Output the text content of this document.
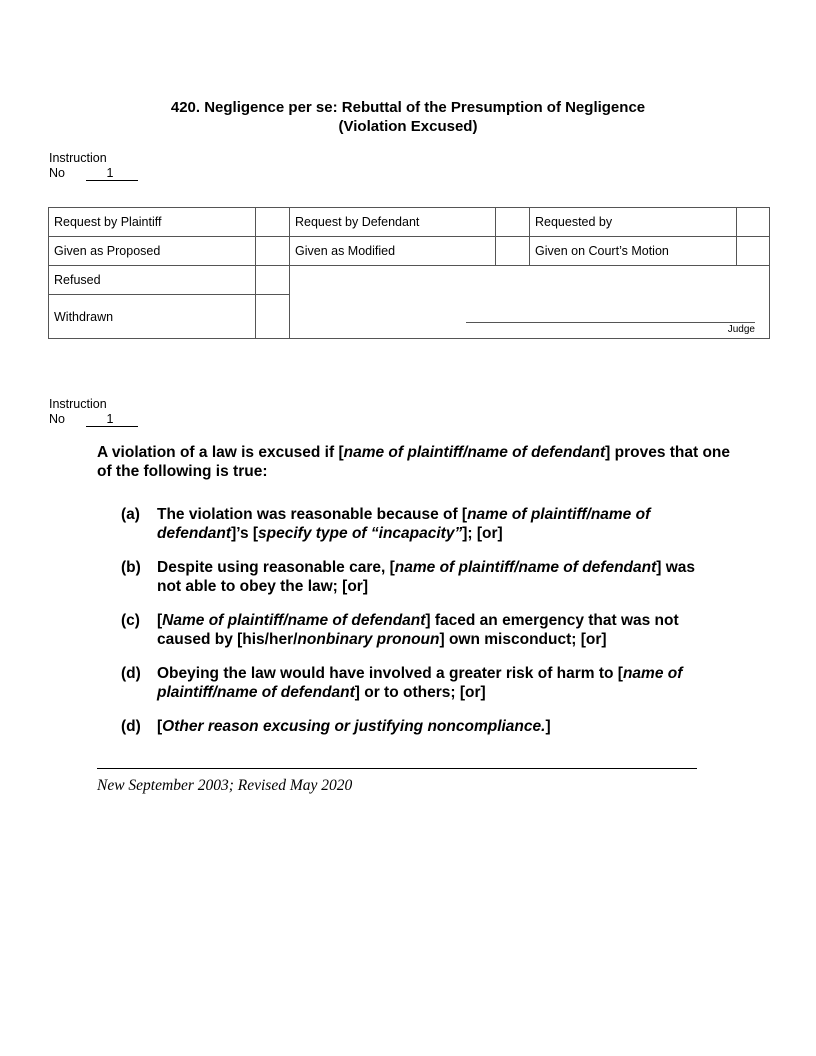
420. Negligence per se: Rebuttal of the Presumption of Negligence
(Violation Excused)
Instruction
No	1
Request by Plaintiff		Request by Defendant		Requested by	
Given as Proposed		Given as Modified		Given on Court’s Motion	
Refused		Judge			

Withdrawn					
Instruction
No	1

A violation of a law is excused if [name of plaintiff/name of defendant] proves that one of the following is true:

(a)	The violation was reasonable because of [name of plaintiff/name of defendant]’s [specify type of “incapacity”]; [or]
(b)	Despite using reasonable care, [name of plaintiff/name of defendant] was not able to obey the law; [or]
(c)	[Name of plaintiff/name of defendant] faced an emergency that was not caused by [his/her/nonbinary pronoun] own misconduct; [or]
(d)	Obeying the law would have involved a greater risk of harm to [name of plaintiff/name of defendant] or to others; [or]
(d)	[Other reason excusing or justifying noncompliance.]
New September 2003; Revised May 2020
